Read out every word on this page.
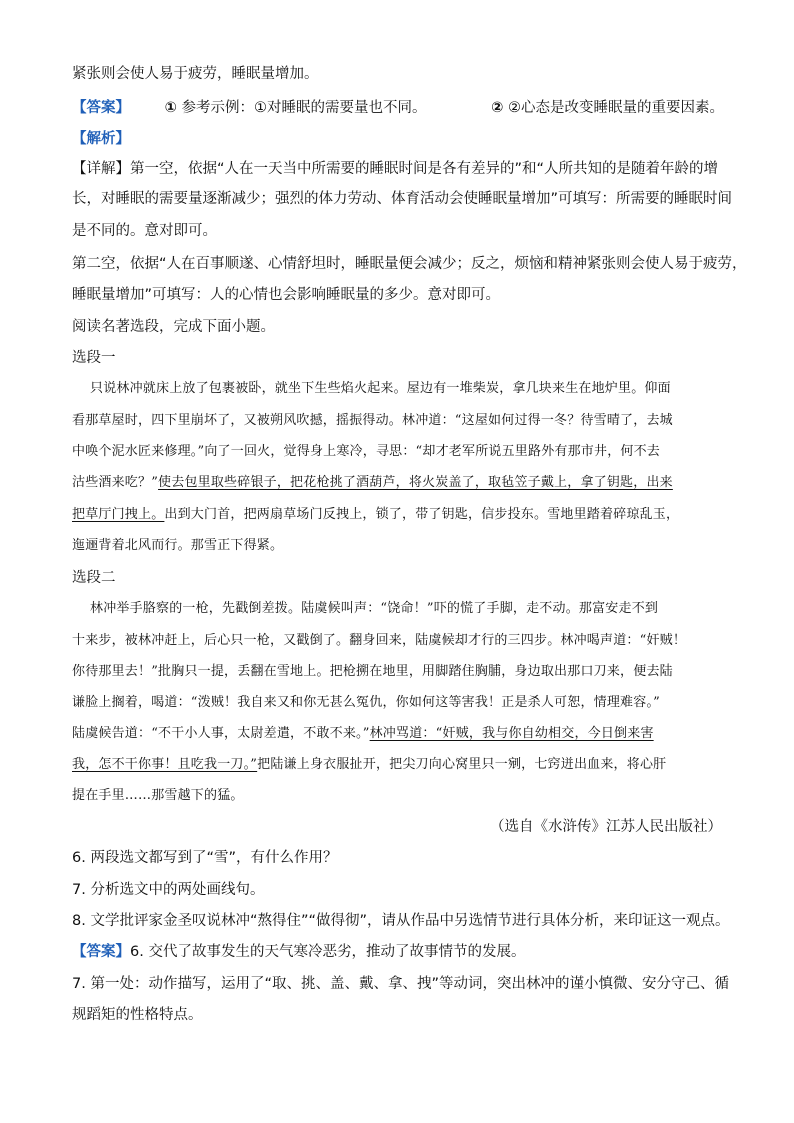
紧张则会使人易于疲劳，睡眠量增加。
【答案】 ① 参考示例：①对睡眠的需要量也不同。	② ②心态是改变睡眠量的重要因素。
【解析】
【详解】第一空，依据“人在一天当中所需要的睡眠时间是各有差异的”和“人所共知的是随着年龄的增
长，对睡眠的需要量逐渐减少；强烈的体力劳动、体育活动会使睡眠量增加”可填写：所需要的睡眠时间
是不同的。意对即可。
第二空，依据“人在百事顺遂、心情舒坦时，睡眠量便会减少；反之，烦恼和精神紧张则会使人易于疲劳，
睡眠量增加”可填写：人的心情也会影响睡眠量的多少。意对即可。
阅读名著选段，完成下面小题。
选段一
只说林冲就床上放了包裹被卧，就坐下生些焰火起来。屋边有一堆柴炭，拿几块来生在地炉里。仰面
看那草屋时，四下里崩坏了，又被朔风吹撼，摇振得动。林冲道：“这屋如何过得一冬？待雪晴了，去城
中唤个泥水匠来修理。”向了一回火，觉得身上寒冷，寻思：“却才老军所说五里路外有那市井，何不去
沽些酒来吃？”使去包里取些碎银子，把花枪挑了酒葫芦，将火炭盖了，取毡笠子戴上，拿了钥匙，出来
把草厅门拽上。出到大门首，把两扇草场门反拽上，锁了，带了钥匙，信步投东。雪地里踏着碎琼乱玉，
迤逦背着北风而行。那雪正下得紧。
选段二
林冲举手胳察的一枪，先戳倒差拨。陆虞候叫声：“饶命！”吓的慌了手脚，走不动。那富安走不到
十来步，被林冲赶上，后心只一枪，又戳倒了。翻身回来，陆虞候却才行的三四步。林冲喝声道：“奸贼！
你待那里去！”批胸只一提，丢翻在雪地上。把枪搠在地里，用脚踏住胸脯，身边取出那口刀来，便去陆
谦脸上搁着，喝道：“泼贼！我自来又和你无甚么冤仇，你如何这等害我！正是杀人可恕，情理难容。”
陆虞候告道：“不干小人事，太尉差遣，不敢不来。”林冲骂道：“奸贼，我与你自幼相交，今日倒来害
我，怎不干你事！且吃我一刀。”把陆谦上身衣服扯开，把尖刀向心窝里只一剜，七窍迸出血来，将心肝
提在手里……那雪越下的猛。
（选自《水浒传》江苏人民出版社）
6. 两段选文都写到了“雪”，有什么作用？
7. 分析选文中的两处画线句。
8. 文学批评家金圣叹说林冲“熬得住”“做得彻”，请从作品中另选情节进行具体分析，来印证这一观点。
【答案】6. 交代了故事发生的天气寒冷恶劣，推动了故事情节的发展。
7. 第一处：动作描写，运用了“取、挑、盖、戴、拿、拽”等动词，突出林冲的谨小慎微、安分守己、循
规蹈矩的性格特点。
